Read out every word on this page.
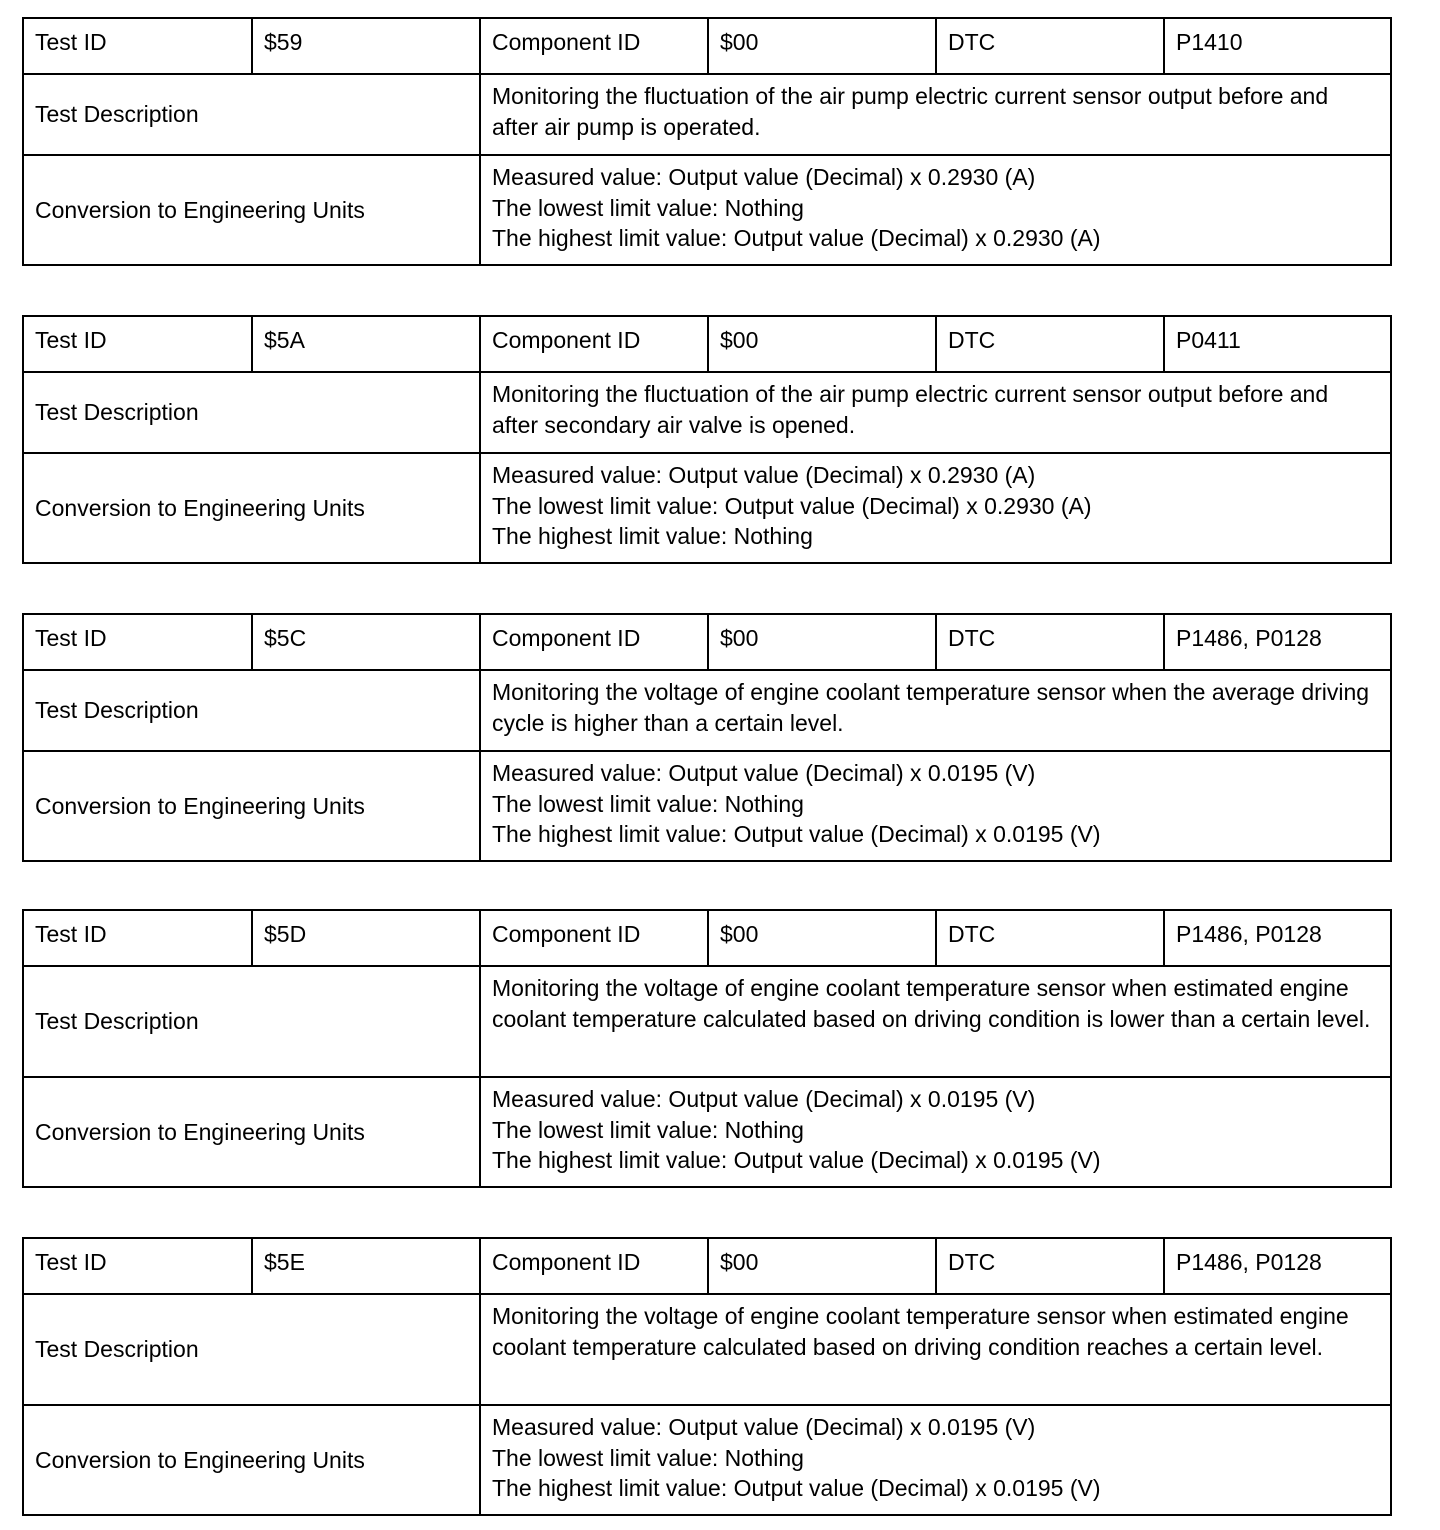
Test ID	$59	Component ID	$00	DTC	P1410
Test Description		Monitoring the fluctuation of the air pump electric current sensor output before and after air pump is operated.			

Conversion to Engineering Units		Measured value: Output value (Decimal) x 0.2930 (A)
The lowest limit value: Nothing
The highest limit value: Output value (Decimal) x 0.2930 (A)			
Test ID	$5A	Component ID	$00	DTC	P0411
Test Description		Monitoring the fluctuation of the air pump electric current sensor output before and after secondary air valve is opened.			

Conversion to Engineering Units		Measured value: Output value (Decimal) x 0.2930 (A)
The lowest limit value: Output value (Decimal) x 0.2930 (A)
The highest limit value: Nothing			
Test ID	$5C	Component ID	$00	DTC	P1486, P0128
Test Description		Monitoring the voltage of engine coolant temperature sensor when the average driving cycle is higher than a certain level.			

Conversion to Engineering Units		Measured value: Output value (Decimal) x 0.0195 (V)
The lowest limit value: Nothing
The highest limit value: Output value (Decimal) x 0.0195 (V)			
Test ID	$5D	Component ID	$00	DTC	P1486, P0128
Test Description		Monitoring the voltage of engine coolant temperature sensor when estimated engine coolant temperature calculated based on driving condition is lower than a certain level.			

Conversion to Engineering Units		Measured value: Output value (Decimal) x 0.0195 (V)
The lowest limit value: Nothing
The highest limit value: Output value (Decimal) x 0.0195 (V)			
Test ID	$5E	Component ID	$00	DTC	P1486, P0128
Test Description		Monitoring the voltage of engine coolant temperature sensor when estimated engine coolant temperature calculated based on driving condition reaches a certain level.			

Conversion to Engineering Units		Measured value: Output value (Decimal) x 0.0195 (V)
The lowest limit value: Nothing
The highest limit value: Output value (Decimal) x 0.0195 (V)			
